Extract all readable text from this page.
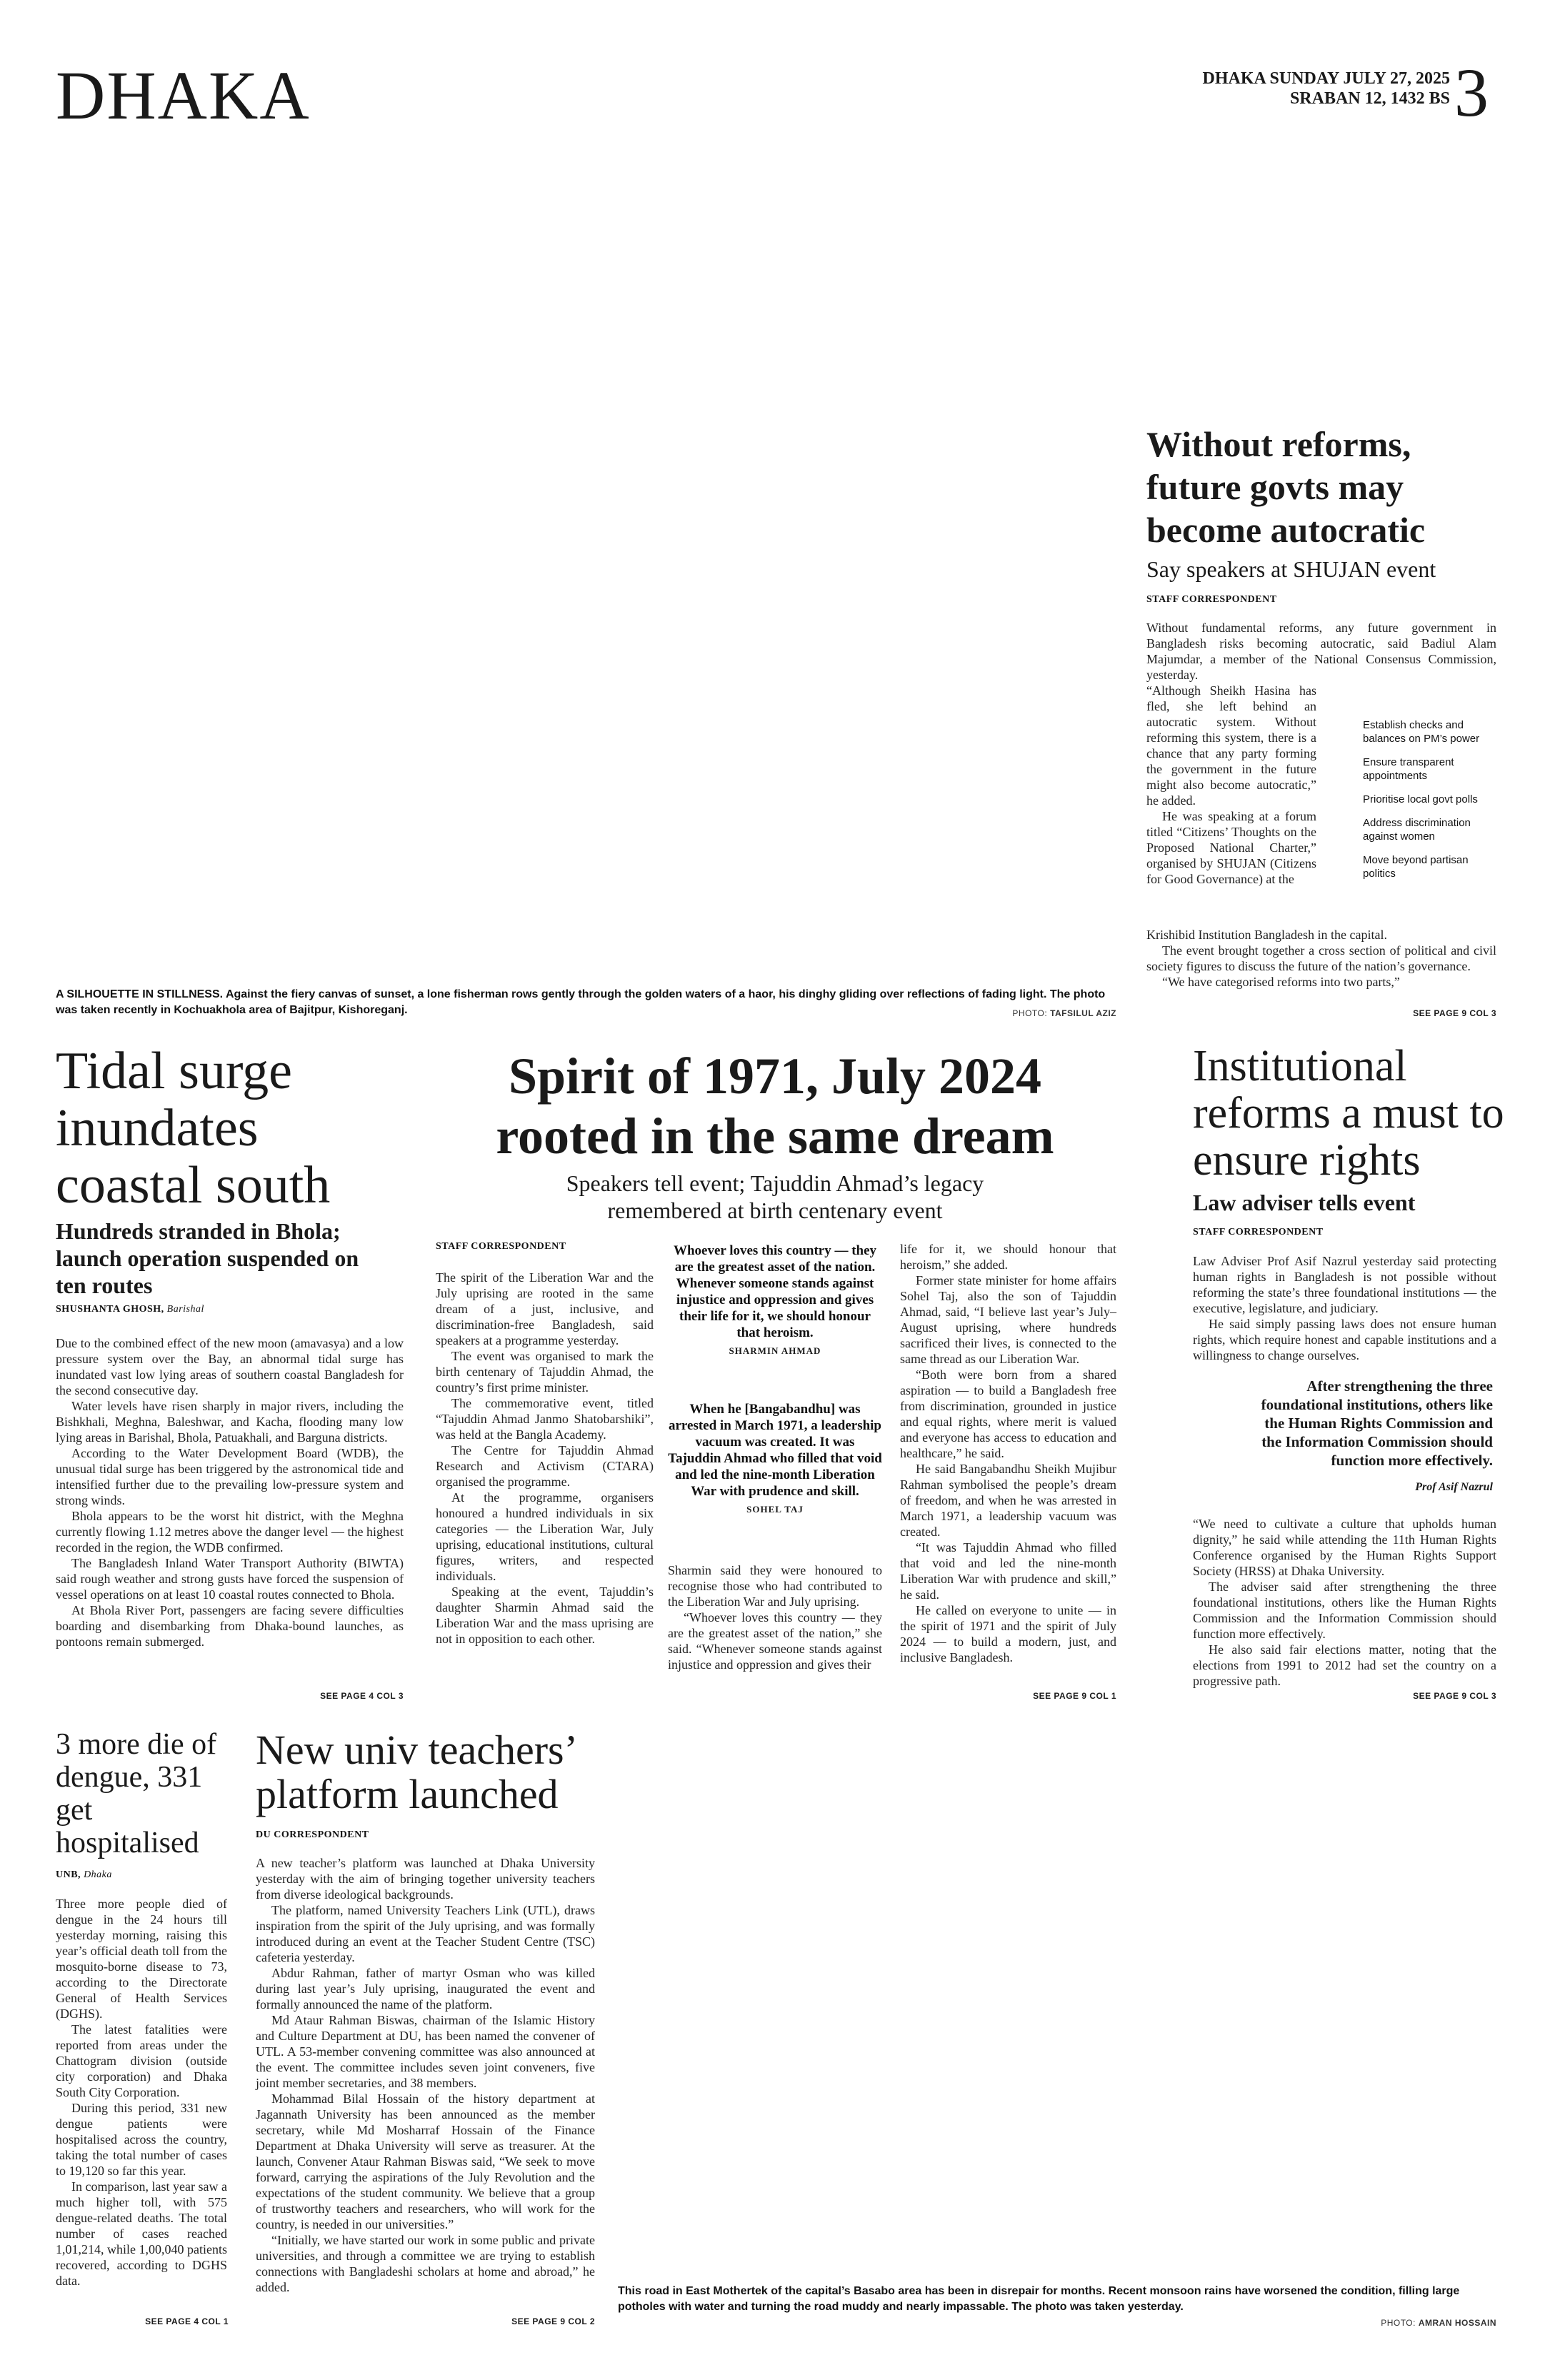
DHAKA	DHAKA SUNDAY JULY 27, 2025
SRABAN 12, 1432 BS 3
A SILHOUETTE IN STILLNESS. Against the fiery canvas of sunset, a lone fisherman rows gently through the golden waters of a haor, his dinghy gliding over reflections of fading light. The photo was taken recently in Kochuakhola area of Bajitpur, Kishoreganj.	PHOTO: TAFSILUL AZIZ
Without reforms, future govts may become autocratic
Say speakers at SHUJAN event
STAFF CORRESPONDENT

Without fundamental reforms, any future government in Bangladesh risks becoming autocratic, said Badiul Alam Majumdar, a member of the National Consensus Commission, yesterday.

“Although Sheikh Hasina has fled, she left behind an autocratic system. Without reforming this system, there is a chance that any party forming the government in the future might also become autocratic,” he added.

He was speaking at a forum titled “Citizens’ Thoughts on the Proposed National Charter,” organised by SHUJAN (Citizens for Good Governance) at the

Establish checks and balances on PM’s power
Ensure transparent appointments
Prioritise local govt polls
Address discrimination against women
Move beyond partisan politics

Krishibid Institution Bangladesh in the capital.

The event brought together a cross section of political and civil society figures to discuss the future of the nation’s governance.

“We have categorised reforms into two parts,”

SEE PAGE 9 COL 3
Tidal surge inundates coastal south
Hundreds stranded in Bhola; launch operation suspended on ten routes
SHUSHANTA GHOSH, Barishal

Due to the combined effect of the new moon (amavasya) and a low pressure system over the Bay, an abnormal tidal surge has inundated vast low lying areas of southern coastal Bangladesh for the second consecutive day.

Water levels have risen sharply in major rivers, including the Bishkhali, Meghna, Baleshwar, and Kacha, flooding many low lying areas in Barishal, Bhola, Patuakhali, and Barguna districts.

According to the Water Development Board (WDB), the unusual tidal surge has been triggered by the astronomical tide and intensified further due to the prevailing low-pressure system and strong winds.

Bhola appears to be the worst hit district, with the Meghna currently flowing 1.12 metres above the danger level — the highest recorded in the region, the WDB confirmed.

The Bangladesh Inland Water Transport Authority (BIWTA) said rough weather and strong gusts have forced the suspension of vessel operations on at least 10 coastal routes connected to Bhola.

At Bhola River Port, passengers are facing severe difficulties boarding and disembarking from Dhaka-bound launches, as pontoons remain submerged.

SEE PAGE 4 COL 3
Spirit of 1971, July 2024 rooted in the same dream
Speakers tell event; Tajuddin Ahmad’s legacy remembered at birth centenary event
STAFF CORRESPONDENT

The spirit of the Liberation War and the July uprising are rooted in the same dream of a just, inclusive, and discrimination-free Bangladesh, said speakers at a programme yesterday.

The event was organised to mark the birth centenary of Tajuddin Ahmad, the country’s first prime minister.

The commemorative event, titled “Tajuddin Ahmad Janmo Shatobarshiki”, was held at the Bangla Academy.

The Centre for Tajuddin Ahmad Research and Activism (CTARA) organised the programme.

At the programme, organisers honoured a hundred individuals in six categories — the Liberation War, July uprising, educational institutions, cultural figures, writers, and respected individuals.

Speaking at the event, Tajuddin’s daughter Sharmin Ahmad said the Liberation War and the mass uprising are not in opposition to each other.

Whoever loves this country — they are the greatest asset of the nation. Whenever someone stands against injustice and oppression and gives their life for it, we should honour that heroism.
SHARMIN AHMAD
When he [Bangabandhu] was arrested in March 1971, a leadership vacuum was created. It was Tajuddin Ahmad who filled that void and led the nine-month Liberation War with prudence and skill.
SOHEL TAJ

Sharmin said they were honoured to recognise those who had contributed to the Liberation War and July uprising.

“Whoever loves this country — they are the greatest asset of the nation,” she said. “Whenever someone stands against injustice and oppression and gives their

life for it, we should honour that heroism,” she added.

Former state minister for home affairs Sohel Taj, also the son of Tajuddin Ahmad, said, “I believe last year’s July–August uprising, where hundreds sacrificed their lives, is connected to the same thread as our Liberation War.

“Both were born from a shared aspiration — to build a Bangladesh free from discrimination, grounded in justice and equal rights, where merit is valued and everyone has access to education and healthcare,” he said.

He said Bangabandhu Sheikh Mujibur Rahman symbolised the people’s dream of freedom, and when he was arrested in March 1971, a leadership vacuum was created.

“It was Tajuddin Ahmad who filled that void and led the nine-month Liberation War with prudence and skill,” he said.

He called on everyone to unite — in the spirit of 1971 and the spirit of July 2024 — to build a modern, just, and inclusive Bangladesh.

SEE PAGE 9 COL 1
Institutional reforms a must to ensure rights
Law adviser tells event
STAFF CORRESPONDENT

Law Adviser Prof Asif Nazrul yesterday said protecting human rights in Bangladesh is not possible without reforming the state’s three foundational institutions — the executive, legislature, and judiciary.

He said simply passing laws does not ensure human rights, which require honest and capable institutions and a willingness to change ourselves.

After strengthening the three foundational institutions, others like the Human Rights Commission and the Information Commission should function more effectively.
Prof Asif Nazrul

“We need to cultivate a culture that upholds human dignity,” he said while attending the 11th Human Rights Conference organised by the Human Rights Support Society (HRSS) at Dhaka University.

The adviser said after strengthening the three foundational institutions, others like the Human Rights Commission and the Information Commission should function more effectively.

He also said fair elections matter, noting that the elections from 1991 to 2012 had set the country on a progressive path.

SEE PAGE 9 COL 3
3 more die of dengue, 331 get hospitalised
UNB, Dhaka

Three more people died of dengue in the 24 hours till yesterday morning, raising this year’s official death toll from the mosquito-borne disease to 73, according to the Directorate General of Health Services (DGHS).

The latest fatalities were reported from areas under the Chattogram division (outside city corporation) and Dhaka South City Corporation.

During this period, 331 new dengue patients were hospitalised across the country, taking the total number of cases to 19,120 so far this year.

In comparison, last year saw a much higher toll, with 575 dengue-related deaths. The total number of cases reached 1,01,214, while 1,00,040 patients recovered, according to DGHS data.

SEE PAGE 4 COL 1
New univ teachers’ platform launched
DU CORRESPONDENT

A new teacher’s platform was launched at Dhaka University yesterday with the aim of bringing together university teachers from diverse ideological backgrounds.

The platform, named University Teachers Link (UTL), draws inspiration from the spirit of the July uprising, and was formally introduced during an event at the Teacher Student Centre (TSC) cafeteria yesterday.

Abdur Rahman, father of martyr Osman who was killed during last year’s July uprising, inaugurated the event and formally announced the name of the platform.

Md Ataur Rahman Biswas, chairman of the Islamic History and Culture Department at DU, has been named the convener of UTL. A 53-member convening committee was also announced at the event. The committee includes seven joint conveners, five joint member secretaries, and 38 members.

Mohammad Bilal Hossain of the history department at Jagannath University has been announced as the member secretary, while Md Mosharraf Hossain of the Finance Department at Dhaka University will serve as treasurer. At the launch, Convener Ataur Rahman Biswas said, “We seek to move forward, carrying the aspirations of the July Revolution and the expectations of the student community. We believe that a group of trustworthy teachers and researchers, who will work for the country, is needed in our universities.”

“Initially, we have started our work in some public and private universities, and through a committee we are trying to establish connections with Bangladeshi scholars at home and abroad,” he added.

SEE PAGE 9 COL 2
This road in East Mothertek of the capital’s Basabo area has been in disrepair for months. Recent monsoon rains have worsened the condition, filling large potholes with water and turning the road muddy and nearly impassable. The photo was taken yesterday.
PHOTO: AMRAN HOSSAIN
